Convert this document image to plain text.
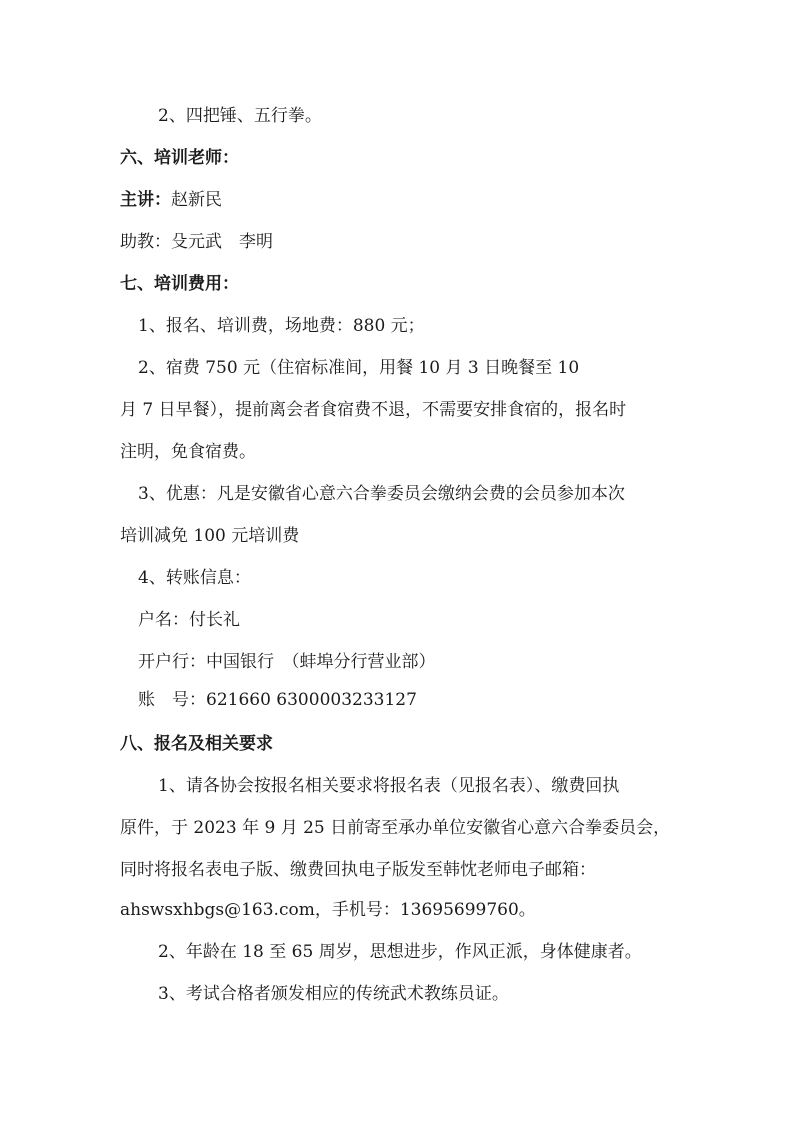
2、四把锤、五行拳。
六、培训老师：
主讲：赵新民
助教：殳元武　李明
七、培训费用：
1、报名、培训费，场地费：880 元；
2、宿费 750 元（住宿标准间，用餐 10 月 3 日晚餐至 10
月 7 日早餐），提前离会者食宿费不退，不需要安排食宿的，报名时
注明，免食宿费。
3、优惠：凡是安徽省心意六合拳委员会缴纳会费的会员参加本次
培训减免 100 元培训费
4、转账信息：
户名：付长礼
开户行：中国银行　（蚌埠分行营业部）
账　号：621660 6300003233127
八、报名及相关要求
1、请各协会按报名相关要求将报名表（见报名表）、缴费回执
原件，于 2023 年 9 月 25 日前寄至承办单位安徽省心意六合拳委员会，
同时将报名表电子版、缴费回执电子版发至韩忱老师电子邮箱：
ahswsxhbgs@163.com，手机号：13695699760。
2、年龄在 18 至 65 周岁，思想进步，作风正派，身体健康者。
3、考试合格者颁发相应的传统武术教练员证。
